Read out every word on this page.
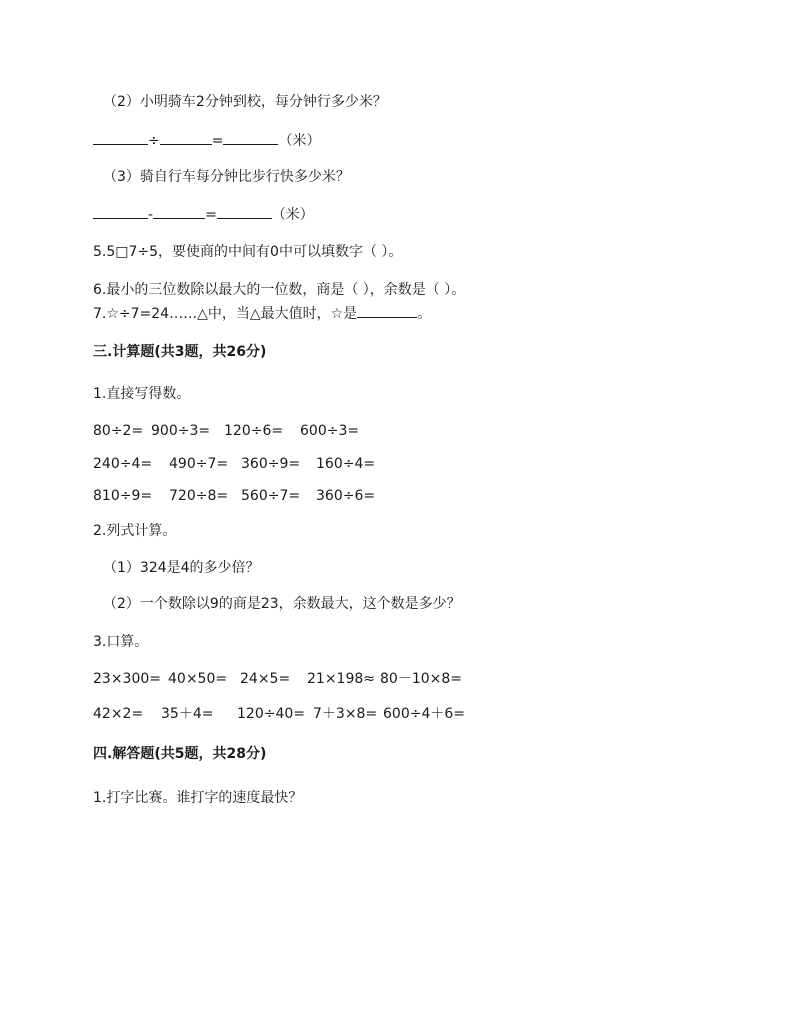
（2）小明骑车2分钟到校，每分钟行多少米？
÷	=	（米）
（3）骑自行车每分钟比步行快多少米？
-	=	（米）
5.5□7÷5，要使商的中间有0中可以填数字（ ）。
6.最小的三位数除以最大的一位数，商是（ ），余数是（ ）。
7.☆÷7=24……△中，当△最大值时，☆是	。
三.计算题(共3题，共26分)
1.直接写得数。
80÷2= 900÷3= 120÷6= 600÷3=
240÷4= 490÷7= 360÷9= 160÷4=
810÷9= 720÷8= 560÷7= 360÷6=
2.列式计算。
（1）324是4的多少倍？
（2）一个数除以9的商是23，余数最大，这个数是多少？
3.口算。
23×300= 40×50= 24×5= 21×198≈ 80－10×8=
42×2= 35＋4= 120÷40= 7＋3×8= 600÷4＋6=
四.解答题(共5题，共28分)
1.打字比赛。谁打字的速度最快？
